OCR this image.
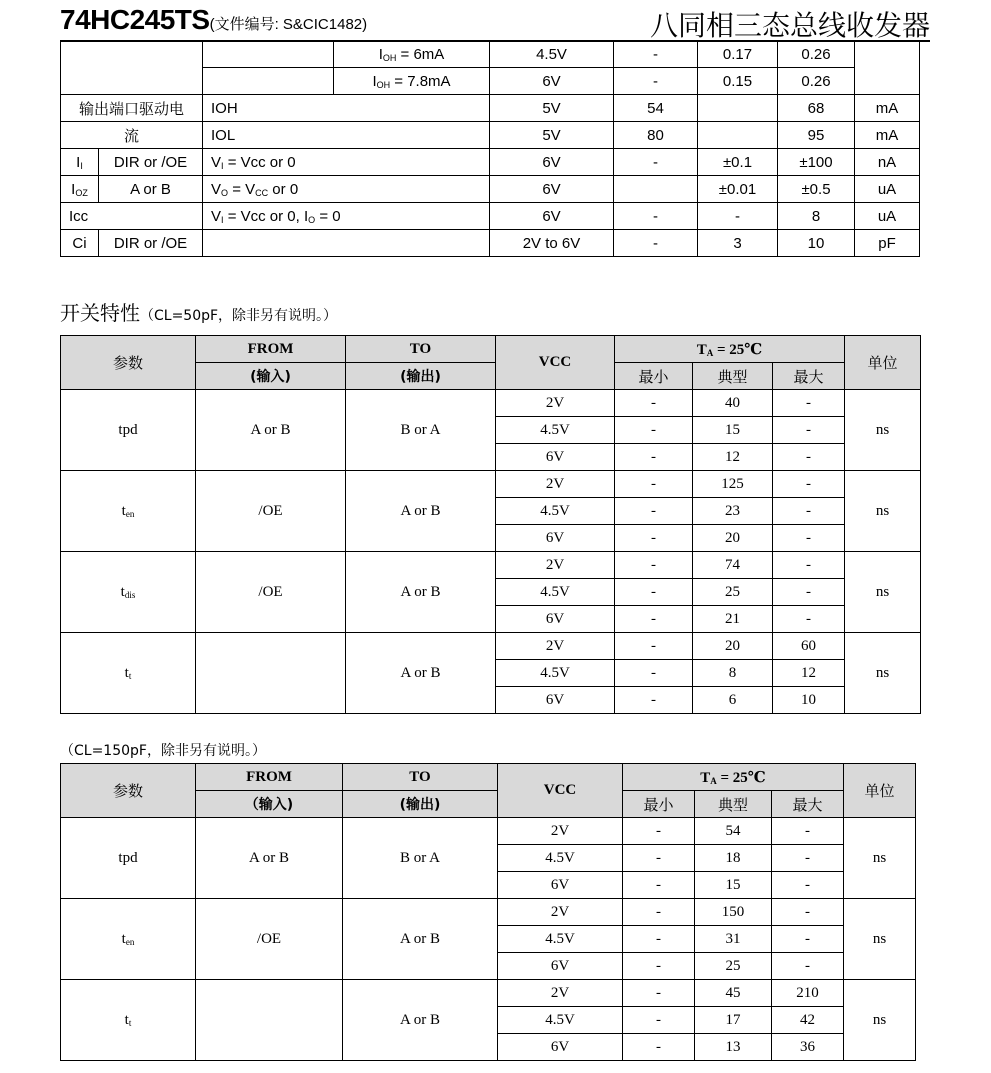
74HC245TS(文件编号: S&CIC1482)	八同相三态总线收发器
			$I_{OH} = 6mA$	4.5V	-	0.17	0.26	
			$I_{OH} = 7.8mA$	6V	-	0.15	0.26	
输出端口驱动电		IOH		5V	54		68	mA
流		IOL		5V	80		95	mA
$I_I$	DIR or /OE	$V_I$ = Vcc or 0		6V	-	±0.1	±100	nA
$I_{OZ}$	A or B	$V_O = V_{CC}$ or 0		6V		±0.01	±0.5	uA
Icc		$V_I$ = Vcc or 0, $I_O = 0$		6V	-	-	8	uA
Ci	DIR or /OE			2V to 6V	-	3	10	pF
开关特性（CL=50pF，除非另有说明。）
参数	FROM	TO	VCC	$T_A$ = 25℃			单位
	(输入)	(输出)		最小	典型	最大	
tpd	A or B	B or A	2V	-	40	-	ns
			4.5V	-	15	-	
			6V	-	12	-	
$t_{en}$	/OE	A or B	2V	-	125	-	ns
			4.5V	-	23	-	
			6V	-	20	-	
$t_{dis}$	/OE	A or B	2V	-	74	-	ns
			4.5V	-	25	-	
			6V	-	21	-	
$t_t$		A or B	2V	-	20	60	ns
			4.5V	-	8	12	
			6V	-	6	10	
（CL=150pF，除非另有说明。）
参数	FROM	TO	VCC	$T_A$ = 25℃			单位
	（输入)	(输出)		最小	典型	最大	
tpd	A or B	B or A	2V	-	54	-	ns
			4.5V	-	18	-	
			6V	-	15	-	
$t_{en}$	/OE	A or B	2V	-	150	-	ns
			4.5V	-	31	-	
			6V	-	25	-	
$t_t$		A or B	2V	-	45	210	ns
			4.5V	-	17	42	
			6V	-	13	36	
